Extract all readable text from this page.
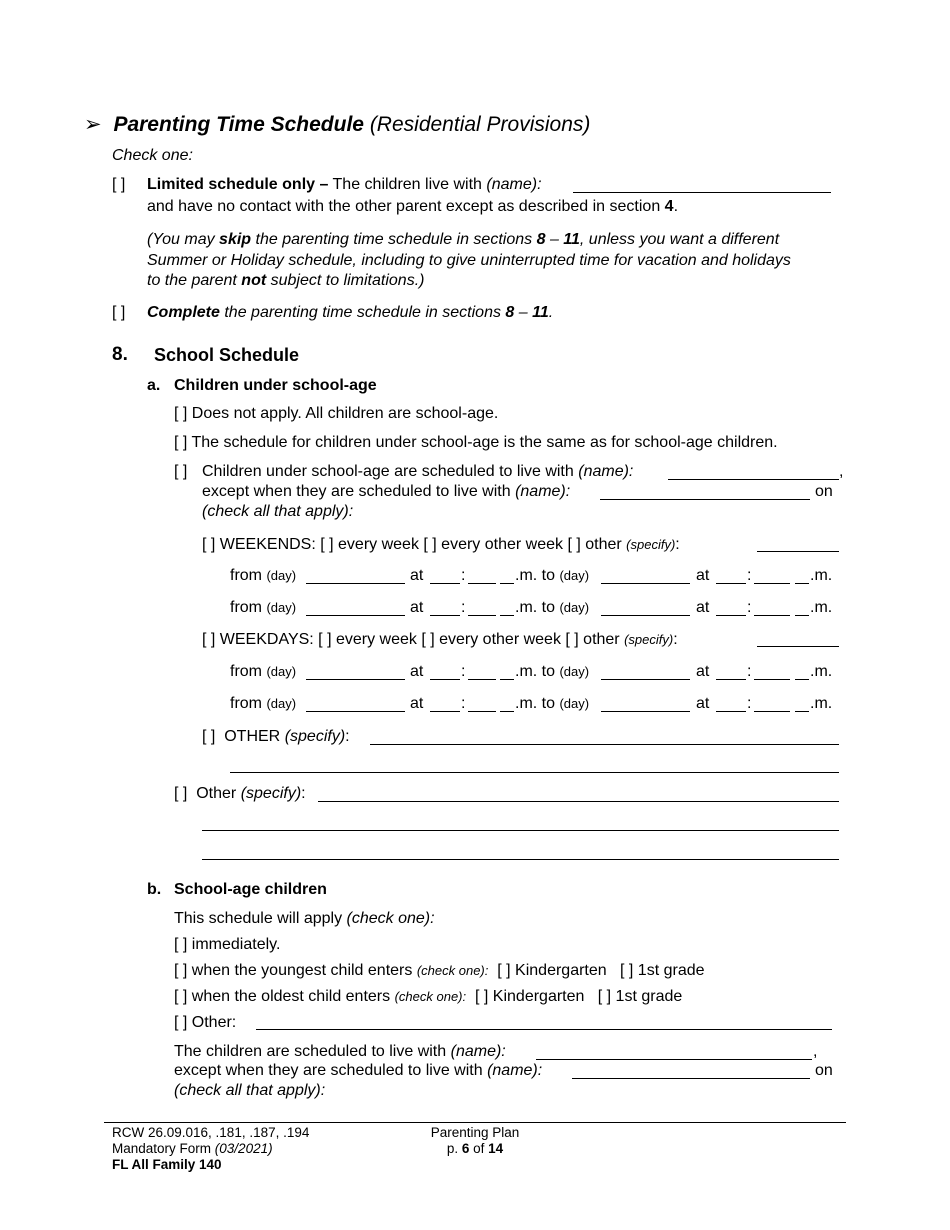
➢ Parenting Time Schedule (Residential Provisions)
Check one:
[ ] Limited schedule only – The children live with (name):
and have no contact with the other parent except as described in section 4.
(You may skip the parenting time schedule in sections 8 – 11, unless you want a different
Summer or Holiday schedule, including to give uninterrupted time for vacation and holidays
to the parent not subject to limitations.)
[ ] Complete the parenting time schedule in sections 8 – 11.
8. School Schedule
a. Children under school-age
[ ] Does not apply. All children are school-age.
[ ] The schedule for children under school-age is the same as for school-age children.
[ ] Children under school-age are scheduled to live with (name):	,
except when they are scheduled to live with (name):	on
(check all that apply):
[ ] WEEKENDS: [ ] every week [ ] every other week [ ] other (specify):
from (day)	at :	.m. to (day)	at :	.m.
from (day)	at :	.m. to (day)	at :	.m.
[ ] WEEKDAYS: [ ] every week [ ] every other week [ ] other (specify):
from (day)	at :	.m. to (day)	at :	.m.
from (day)	at :	.m. to (day)	at :	.m.
[ ] OTHER (specify):
[ ] Other (specify):
b. School-age children
This schedule will apply (check one):
[ ] immediately.
[ ] when the youngest child enters (check one): [ ] Kindergarten [ ] 1st grade
[ ] when the oldest child enters (check one): [ ] Kindergarten [ ] 1st grade
[ ] Other:
The children are scheduled to live with (name):	,
except when they are scheduled to live with (name):	on
(check all that apply):
RCW 26.09.016, .181, .187, .194
Mandatory Form (03/2021)
FL All Family 140
Parenting Plan
p. 6 of 14
